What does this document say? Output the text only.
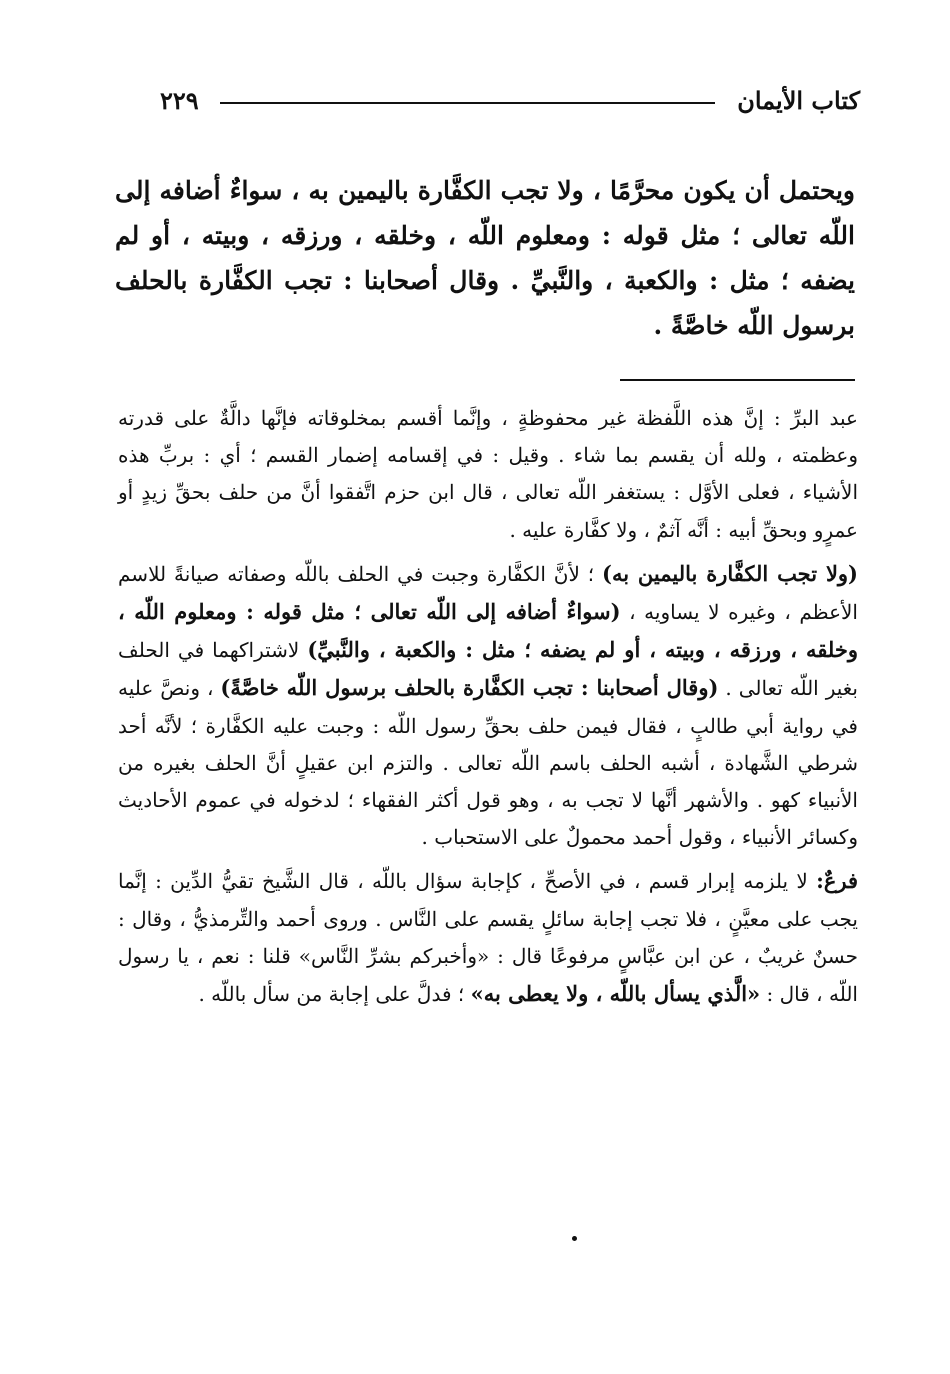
كتاب الأيمان
٢٢٩
ويحتمل أن يكون محرَّمًا ، ولا تجب الكفَّارة باليمين به ، سواءٌ أضافه إلى اللّه تعالى ؛ مثل قوله : ومعلوم اللّه ، وخلقه ، ورزقه ، وبيته ، أو لم يضفه ؛ مثل : والكعبة ، والنَّبيِّ . وقال أصحابنا : تجب الكفَّارة بالحلف برسول اللّه خاصَّةً .

عبد البرِّ : إنَّ هذه اللَّفظة غير محفوظةٍ ، وإنَّما أقسم بمخلوقاته فإنَّها دالَّةٌ على قدرته وعظمته ، ولله أن يقسم بما شاء . وقيل : في إقسامه إضمار القسم ؛ أي : بربِّ هذه الأشياء ، فعلى الأوَّل : يستغفر اللّه تعالى ، قال ابن حزم اتَّفقوا أنَّ من حلف بحقِّ زيدٍ أو عمرٍو وبحقِّ أبيه : أنَّه آثمٌ ، ولا كفَّارة عليه .

(ولا تجب الكفَّارة باليمين به) ؛ لأنَّ الكفَّارة وجبت في الحلف باللّه وصفاته صيانةً للاسم الأعظم ، وغيره لا يساويه ، (سواءٌ أضافه إلى اللّه تعالى ؛ مثل قوله : ومعلوم اللّه ، وخلقه ، ورزقه ، وبيته ، أو لم يضفه ؛ مثل : والكعبة ، والنَّبيِّ) لاشتراكهما في الحلف بغير اللّه تعالى . (وقال أصحابنا : تجب الكفَّارة بالحلف برسول اللّه خاصَّةً) ، ونصَّ عليه في رواية أبي طالبٍ ، فقال فيمن حلف بحقِّ رسول اللّه : وجبت عليه الكفَّارة ؛ لأنَّه أحد شرطي الشَّهادة ، أشبه الحلف باسم اللّه تعالى . والتزم ابن عقيلٍ أنَّ الحلف بغيره من الأنبياء كهو . والأشهر أنَّها لا تجب به ، وهو قول أكثر الفقهاء ؛ لدخوله في عموم الأحاديث وكسائر الأنبياء ، وقول أحمد محمولٌ على الاستحباب .

فرعٌ: لا يلزمه إبرار قسم ، في الأصحِّ ، كإجابة سؤال باللّه ، قال الشَّيخ تقيُّ الدِّين : إنَّما يجب على معيَّنٍ ، فلا تجب إجابة سائلٍ يقسم على النَّاس . وروى أحمد والتِّرمذيُّ ، وقال : حسنٌ غريبٌ ، عن ابن عبَّاسٍ مرفوعًا قال : «وأخبركم بشرِّ النَّاس» قلنا : نعم ، يا رسول اللّه ، قال : «الَّذي يسأل باللّه ، ولا يعطى به» ؛ فدلَّ على إجابة من سأل باللّه .
